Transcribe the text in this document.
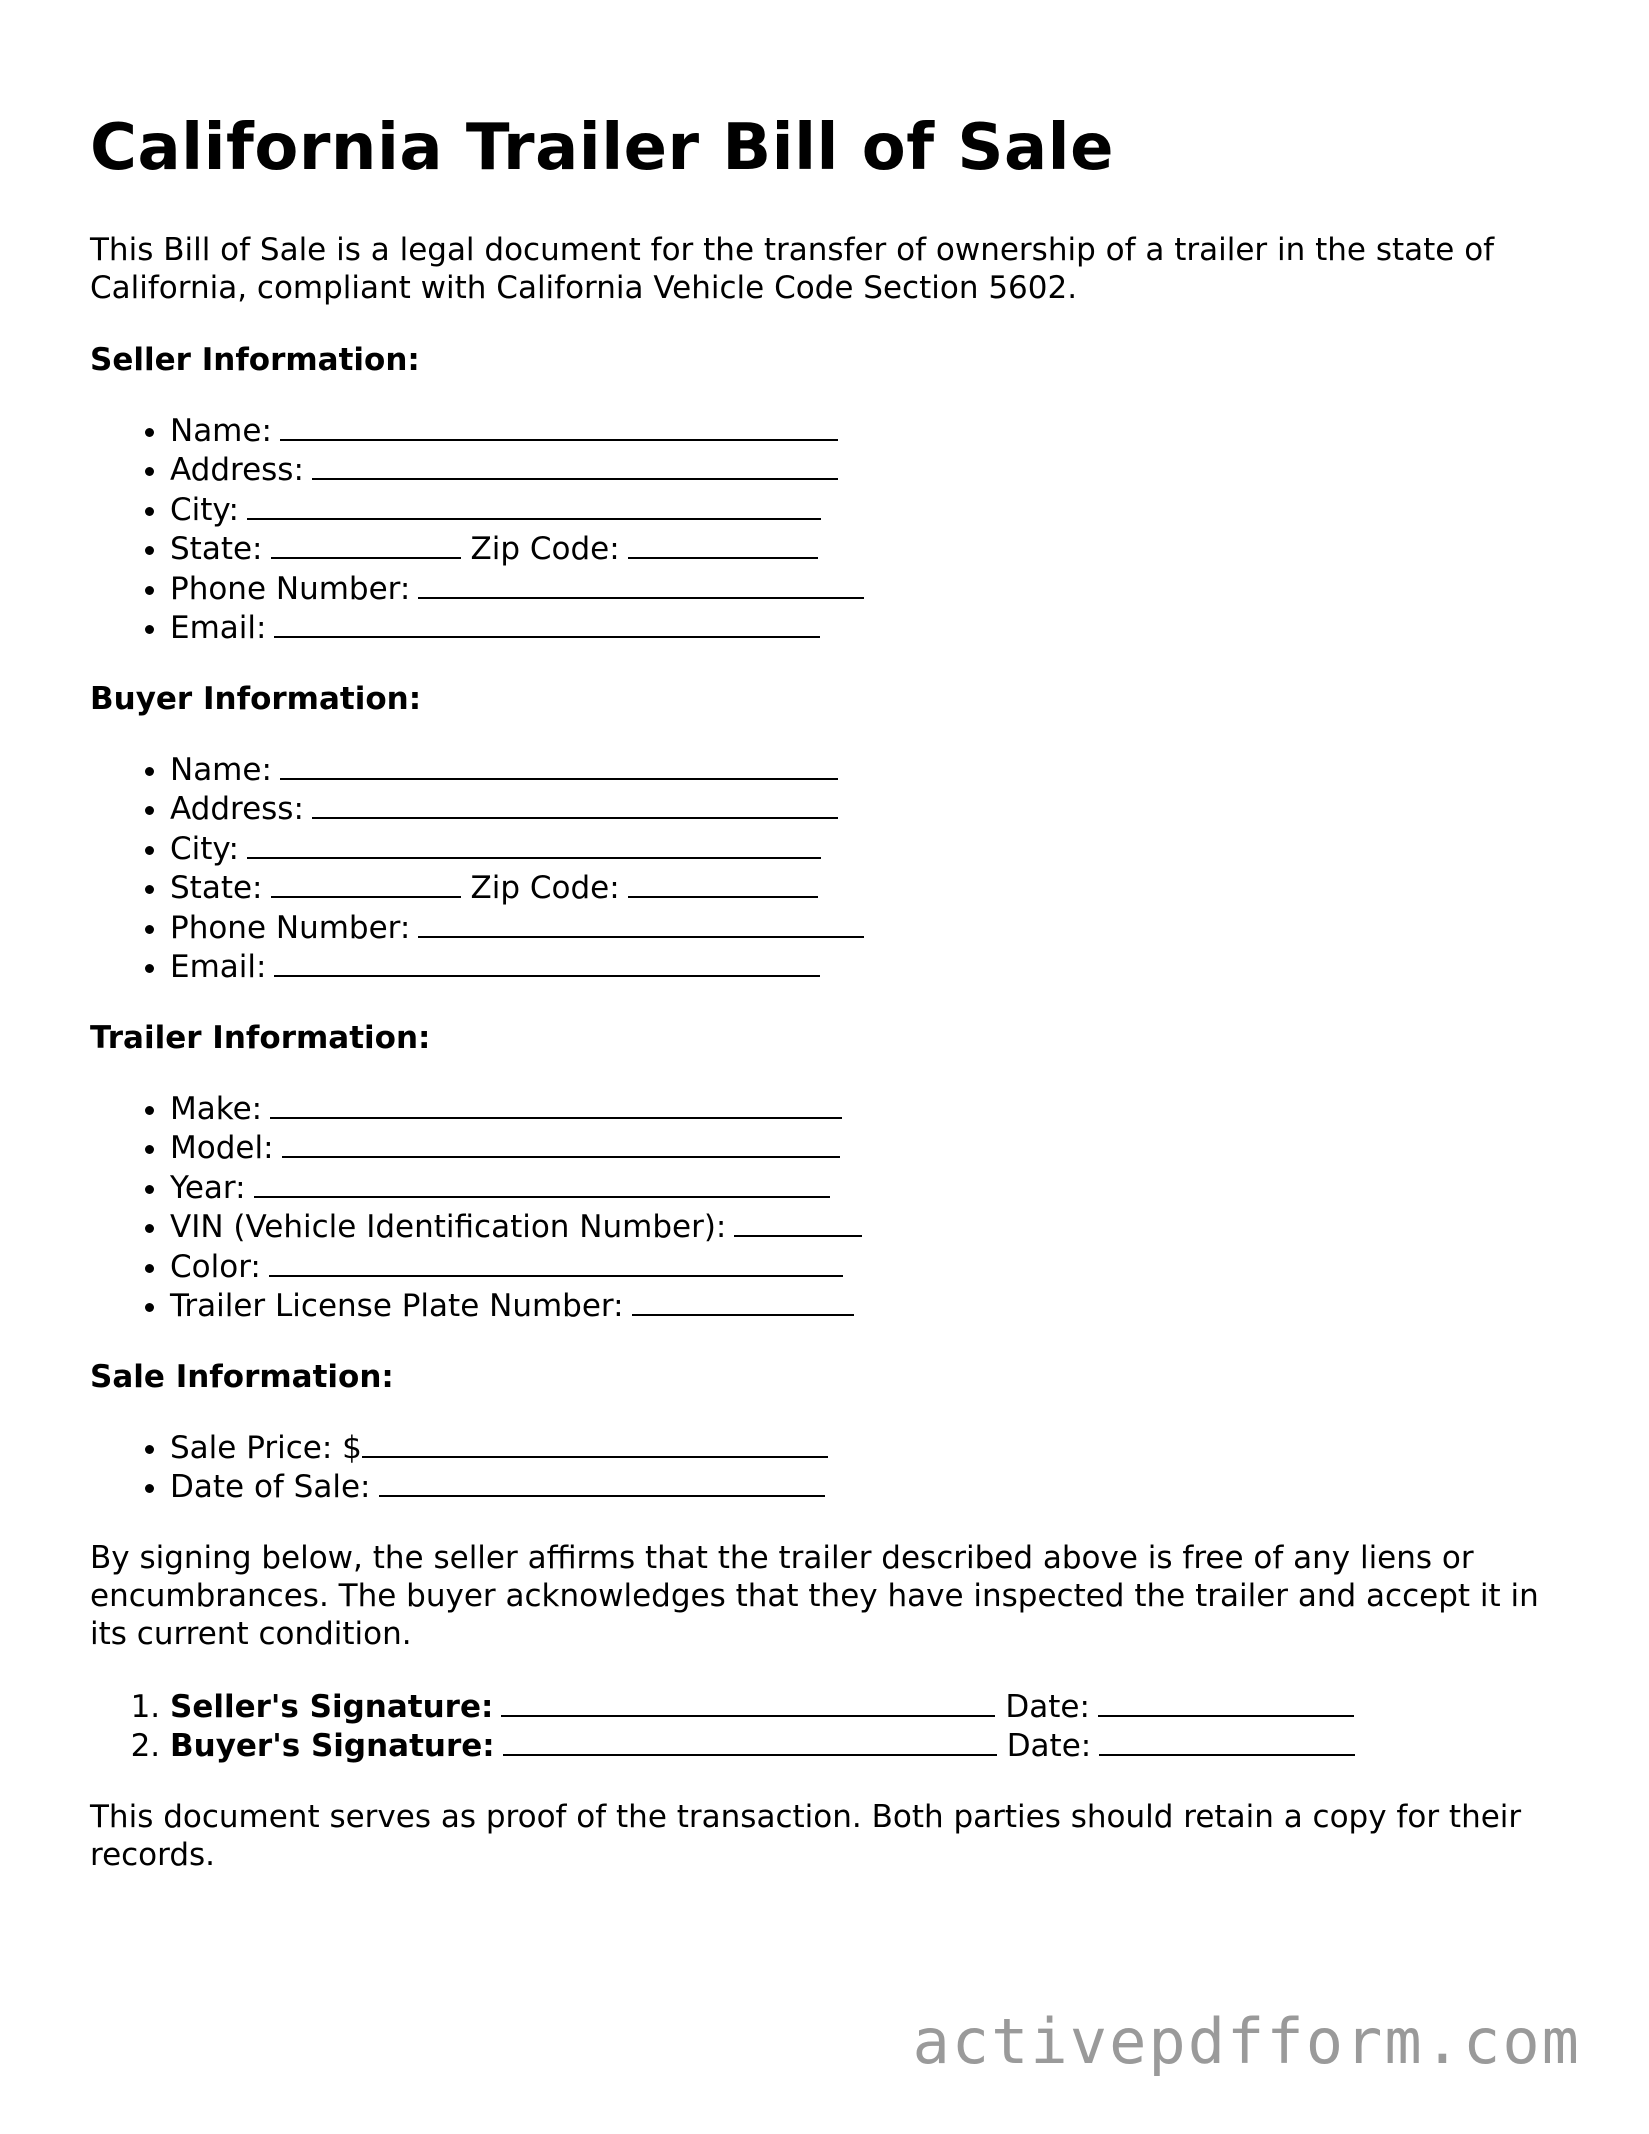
California Trailer Bill of Sale

This Bill of Sale is a legal document for the transfer of ownership of a trailer in the state of California, compliant with California Vehicle Code Section 5602.

Seller Information:
• Name:
• Address:
• City:
• State:	Zip Code:
• Phone Number:
• Email:
Buyer Information:
• Name:
• Address:
• City:
• State:	Zip Code:
• Phone Number:
• Email:
Trailer Information:
• Make:
• Model:
• Year:
• VIN (Vehicle Identification Number):
• Color:
• Trailer License Plate Number:
Sale Information:
• Sale Price: $
• Date of Sale:

By signing below, the seller affirms that the trailer described above is free of any liens or encumbrances. The buyer acknowledges that they have inspected the trailer and accept it in its current condition.

1. Seller's Signature:	Date:
2. Buyer's Signature:	Date:

This document serves as proof of the transaction. Both parties should retain a copy for their records.

activepdfform.com
